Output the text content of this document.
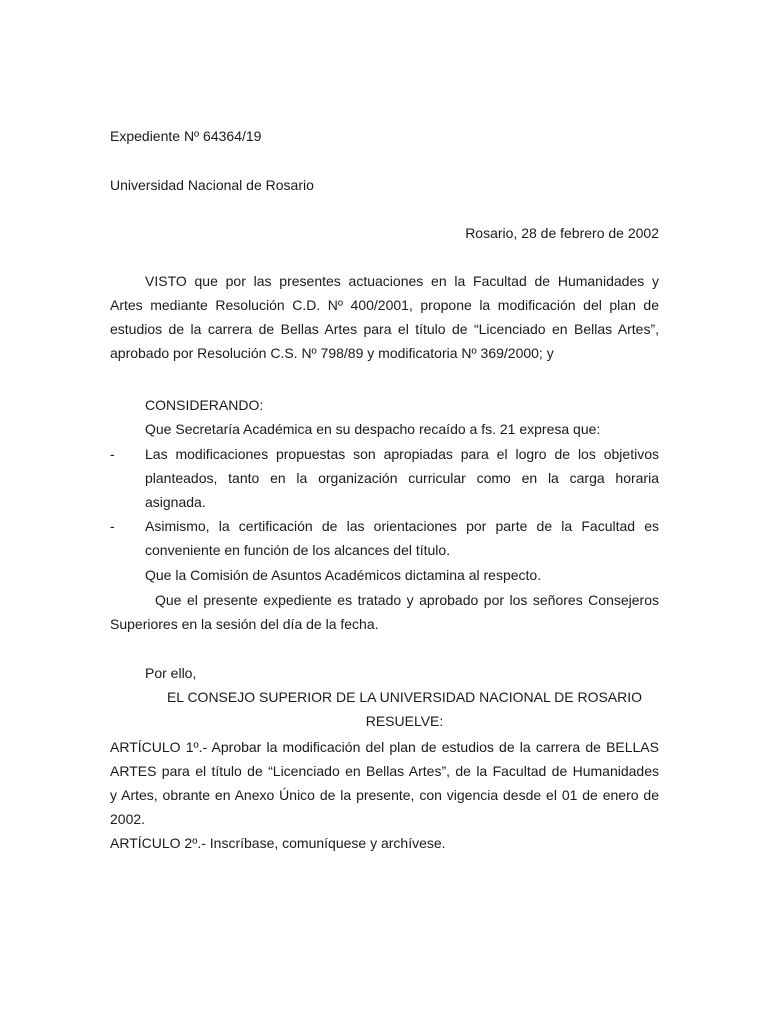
Expediente Nº 64364/19
Universidad Nacional de Rosario
Rosario, 28 de febrero de 2002
VISTO que por las presentes actuaciones en la Facultad de Humanidades y
Artes mediante Resolución C.D. Nº 400/2001, propone la modificación del plan de
estudios de la carrera de Bellas Artes para el título de “Licenciado en Bellas Artes”,
aprobado por Resolución C.S. Nº 798/89 y modificatoria Nº 369/2000; y
CONSIDERANDO:
Que Secretaría Académica en su despacho recaído a fs. 21 expresa que:
- Las modificaciones propuestas son apropiadas para el logro de los objetivos
planteados, tanto en la organización curricular como en la carga horaria
asignada.
- Asimismo, la certificación de las orientaciones por parte de la Facultad es
conveniente en función de los alcances del título.
Que la Comisión de Asuntos Académicos dictamina al respecto.
Que el presente expediente es tratado y aprobado por los señores Consejeros
Superiores en la sesión del día de la fecha.
Por ello,
EL CONSEJO SUPERIOR DE LA UNIVERSIDAD NACIONAL DE ROSARIO
RESUELVE:
ARTÍCULO 1º.- Aprobar la modificación del plan de estudios de la carrera de BELLAS
ARTES para el título de “Licenciado en Bellas Artes”, de la Facultad de Humanidades
y Artes, obrante en Anexo Único de la presente, con vigencia desde el 01 de enero de
2002.
ARTÍCULO 2º.- Inscríbase, comuníquese y archívese.
